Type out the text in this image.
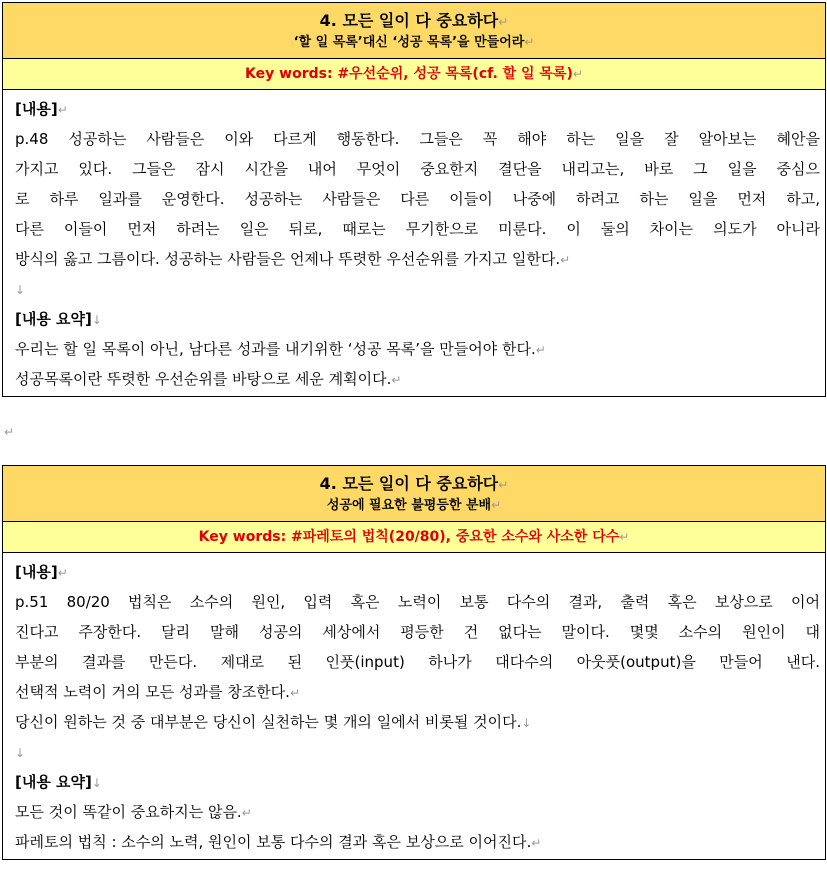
4. 모든 일이 다 중요하다↵
‘할 일 목록’대신 ‘성공 목록’을 만들어라↵
Key words: #우선순위, 성공 목록(cf. 할 일 목록)↵
[내용]↵
p.48 성공하는 사람들은 이와 다르게 행동한다. 그들은 꼭 해야 하는 일을 잘 알아보는 혜안을
가지고 있다. 그들은 잠시 시간을 내어 무엇이 중요한지 결단을 내리고는, 바로 그 일을 중심으
로 하루 일과를 운영한다. 성공하는 사람들은 다른 이들이 나중에 하려고 하는 일을 먼저 하고,
다른 이들이 먼저 하려는 일은 뒤로, 때로는 무기한으로 미룬다. 이 둘의 차이는 의도가 아니라
방식의 옳고 그름이다. 성공하는 사람들은 언제나 뚜렷한 우선순위를 가지고 일한다.↵
↓
[내용 요약]↓
우리는 할 일 목록이 아닌, 남다른 성과를 내기위한 ‘성공 목록’을 만들어야 한다.↵
성공목록이란 뚜렷한 우선순위를 바탕으로 세운 계획이다.↵
↵
4. 모든 일이 다 중요하다↵
성공에 필요한 불평등한 분배↵
Key words: #파레토의 법칙(20/80), 중요한 소수와 사소한 다수↵
[내용]↵
p.51 80/20 법칙은 소수의 원인, 입력 혹은 노력이 보통 다수의 결과, 출력 혹은 보상으로 이어
진다고 주장한다. 달리 말해 성공의 세상에서 평등한 건 없다는 말이다. 몇몇 소수의 원인이 대
부분의 결과를 만든다. 제대로 된 인풋(input) 하나가 대다수의 아웃풋(output)을 만들어 낸다.
선택적 노력이 거의 모든 성과를 창조한다.↵
당신이 원하는 것 중 대부분은 당신이 실천하는 몇 개의 일에서 비롯될 것이다.↓
↓
[내용 요약]↓
모든 것이 똑같이 중요하지는 않음.↵
파레토의 법칙 : 소수의 노력, 원인이 보통 다수의 결과 혹은 보상으로 이어진다.↵
